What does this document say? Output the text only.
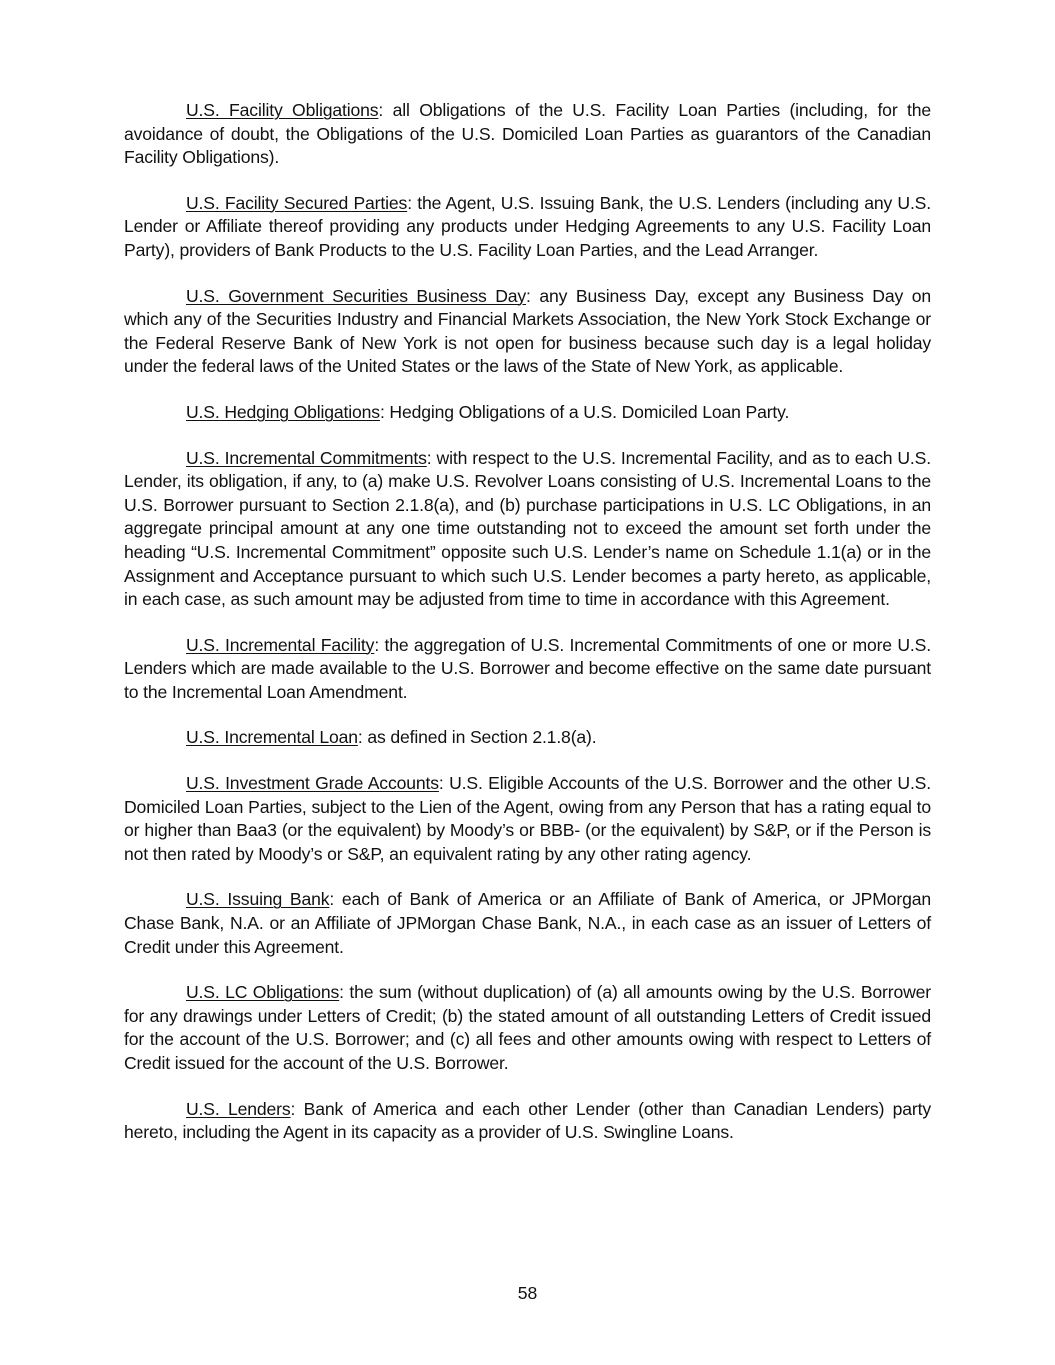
U.S. Facility Obligations: all Obligations of the U.S. Facility Loan Parties (including, for the avoidance of doubt, the Obligations of the U.S. Domiciled Loan Parties as guarantors of the Canadian Facility Obligations).

U.S. Facility Secured Parties: the Agent, U.S. Issuing Bank, the U.S. Lenders (including any U.S. Lender or Affiliate thereof providing any products under Hedging Agreements to any U.S. Facility Loan Party), providers of Bank Products to the U.S. Facility Loan Parties, and the Lead Arranger.

U.S. Government Securities Business Day: any Business Day, except any Business Day on which any of the Securities Industry and Financial Markets Association, the New York Stock Exchange or the Federal Reserve Bank of New York is not open for business because such day is a legal holiday under the federal laws of the United States or the laws of the State of New York, as applicable.

U.S. Hedging Obligations: Hedging Obligations of a U.S. Domiciled Loan Party.

U.S. Incremental Commitments: with respect to the U.S. Incremental Facility, and as to each U.S. Lender, its obligation, if any, to (a) make U.S. Revolver Loans consisting of U.S. Incremental Loans to the U.S. Borrower pursuant to Section 2.1.8(a), and (b) purchase participations in U.S. LC Obligations, in an aggregate principal amount at any one time outstanding not to exceed the amount set forth under the heading “U.S. Incremental Commitment” opposite such U.S. Lender’s name on Schedule 1.1(a) or in the Assignment and Acceptance pursuant to which such U.S. Lender becomes a party hereto, as applicable, in each case, as such amount may be adjusted from time to time in accordance with this Agreement.

U.S. Incremental Facility: the aggregation of U.S. Incremental Commitments of one or more U.S. Lenders which are made available to the U.S. Borrower and become effective on the same date pursuant to the Incremental Loan Amendment.

U.S. Incremental Loan: as defined in Section 2.1.8(a).

U.S. Investment Grade Accounts: U.S. Eligible Accounts of the U.S. Borrower and the other U.S. Domiciled Loan Parties, subject to the Lien of the Agent, owing from any Person that has a rating equal to or higher than Baa3 (or the equivalent) by Moody’s or BBB- (or the equivalent) by S&P, or if the Person is not then rated by Moody’s or S&P, an equivalent rating by any other rating agency.

U.S. Issuing Bank: each of Bank of America or an Affiliate of Bank of America, or JPMorgan Chase Bank, N.A. or an Affiliate of JPMorgan Chase Bank, N.A., in each case as an issuer of Letters of Credit under this Agreement.

U.S. LC Obligations: the sum (without duplication) of (a) all amounts owing by the U.S. Borrower for any drawings under Letters of Credit; (b) the stated amount of all outstanding Letters of Credit issued for the account of the U.S. Borrower; and (c) all fees and other amounts owing with respect to Letters of Credit issued for the account of the U.S. Borrower.

U.S. Lenders: Bank of America and each other Lender (other than Canadian Lenders) party hereto, including the Agent in its capacity as a provider of U.S. Swingline Loans.

58
